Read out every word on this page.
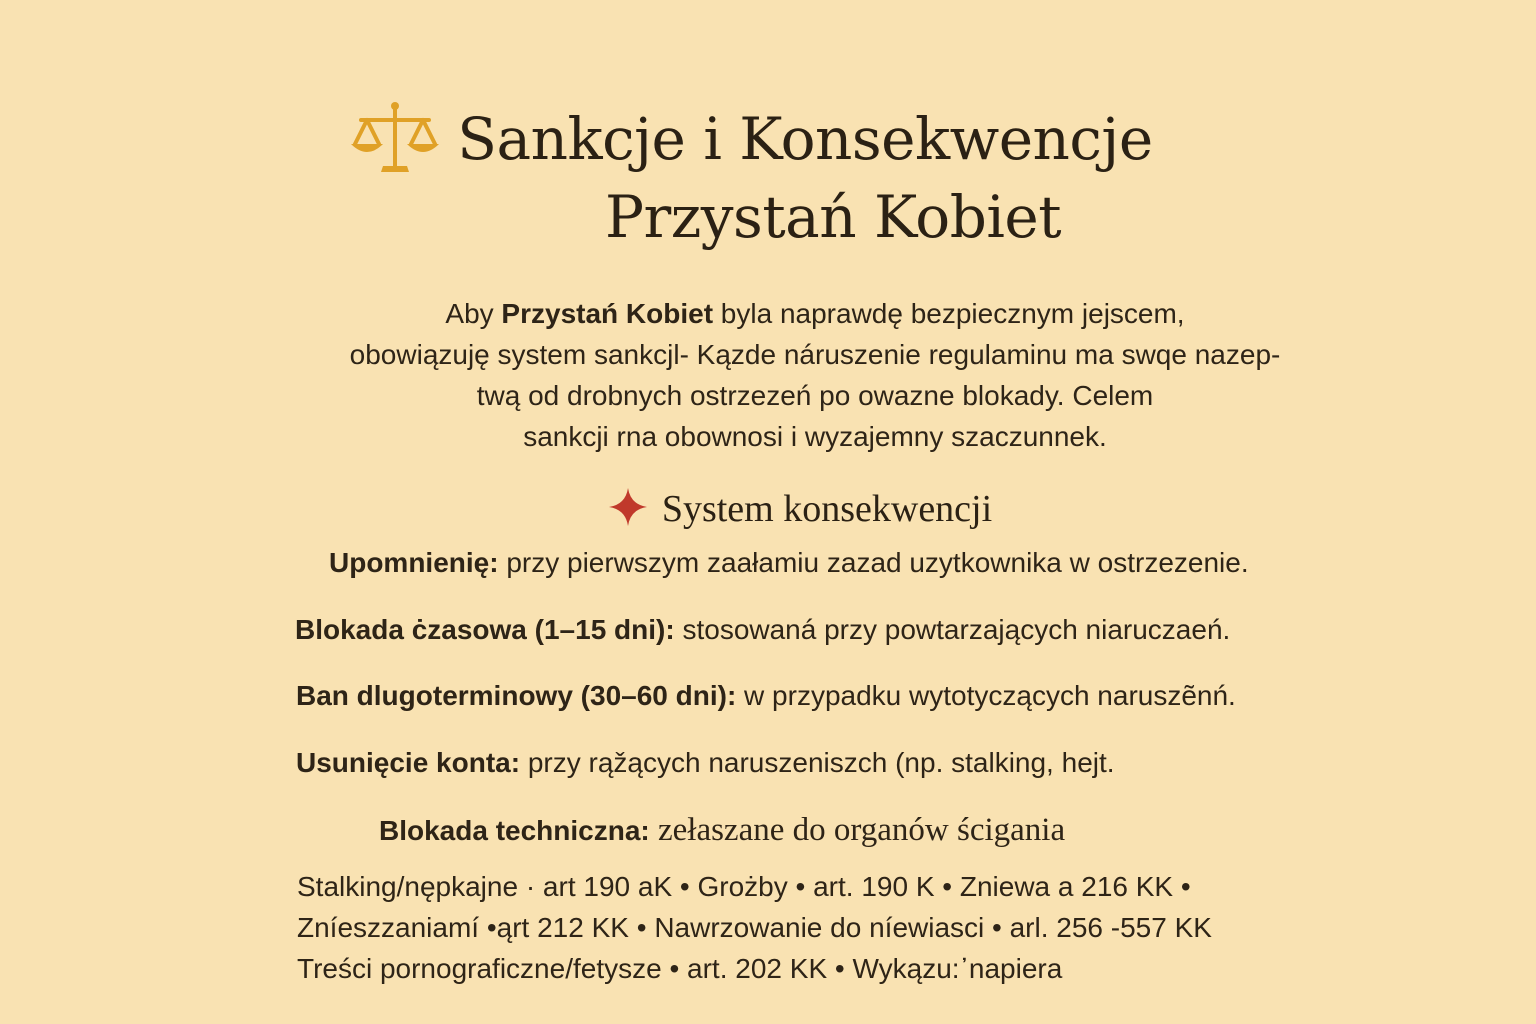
Sankcje i Konsekwencje
Przystań Kobiet
Aby Przystań Kobiet byla naprawdę bezpiecznym jejscem,
obowiązuję system sankcjl- Kązde náruszenie regulaminu ma swqe nazep-
twą od drobnych ostrzezeń po owazne blokady. Celem
sankcji rna obownosi i wyzajemny szaczunnek.
System konsekwencji
Upomnienię: przy pierwszym zaałamiu zazad uzytkownika w ostrzezenie.
Blokada ċzasowa (1–15 dni): stosowaná przy powtarzających niaruczaeń.
Ban dlugoterminowy (30–60 dni): w przypadku wytotyczących naruszẽnń.
Usunięcie konta: przy rąžących naruszeniszch (np. stalking, hejt.
Blokada techniczna: zełaszane do organów ścigania
Stalking/nępkajne · art 190 aK • Grożby • art. 190 K • Zniewa a 216 KK •
Zníeszzaniamí •ąrt 212 KK • Nawrzowanie do níewiasci • arl. 256 -557 KK
Treści pornograficzne/fetysze • art. 202 KK • Wykązu:᾽napiera
